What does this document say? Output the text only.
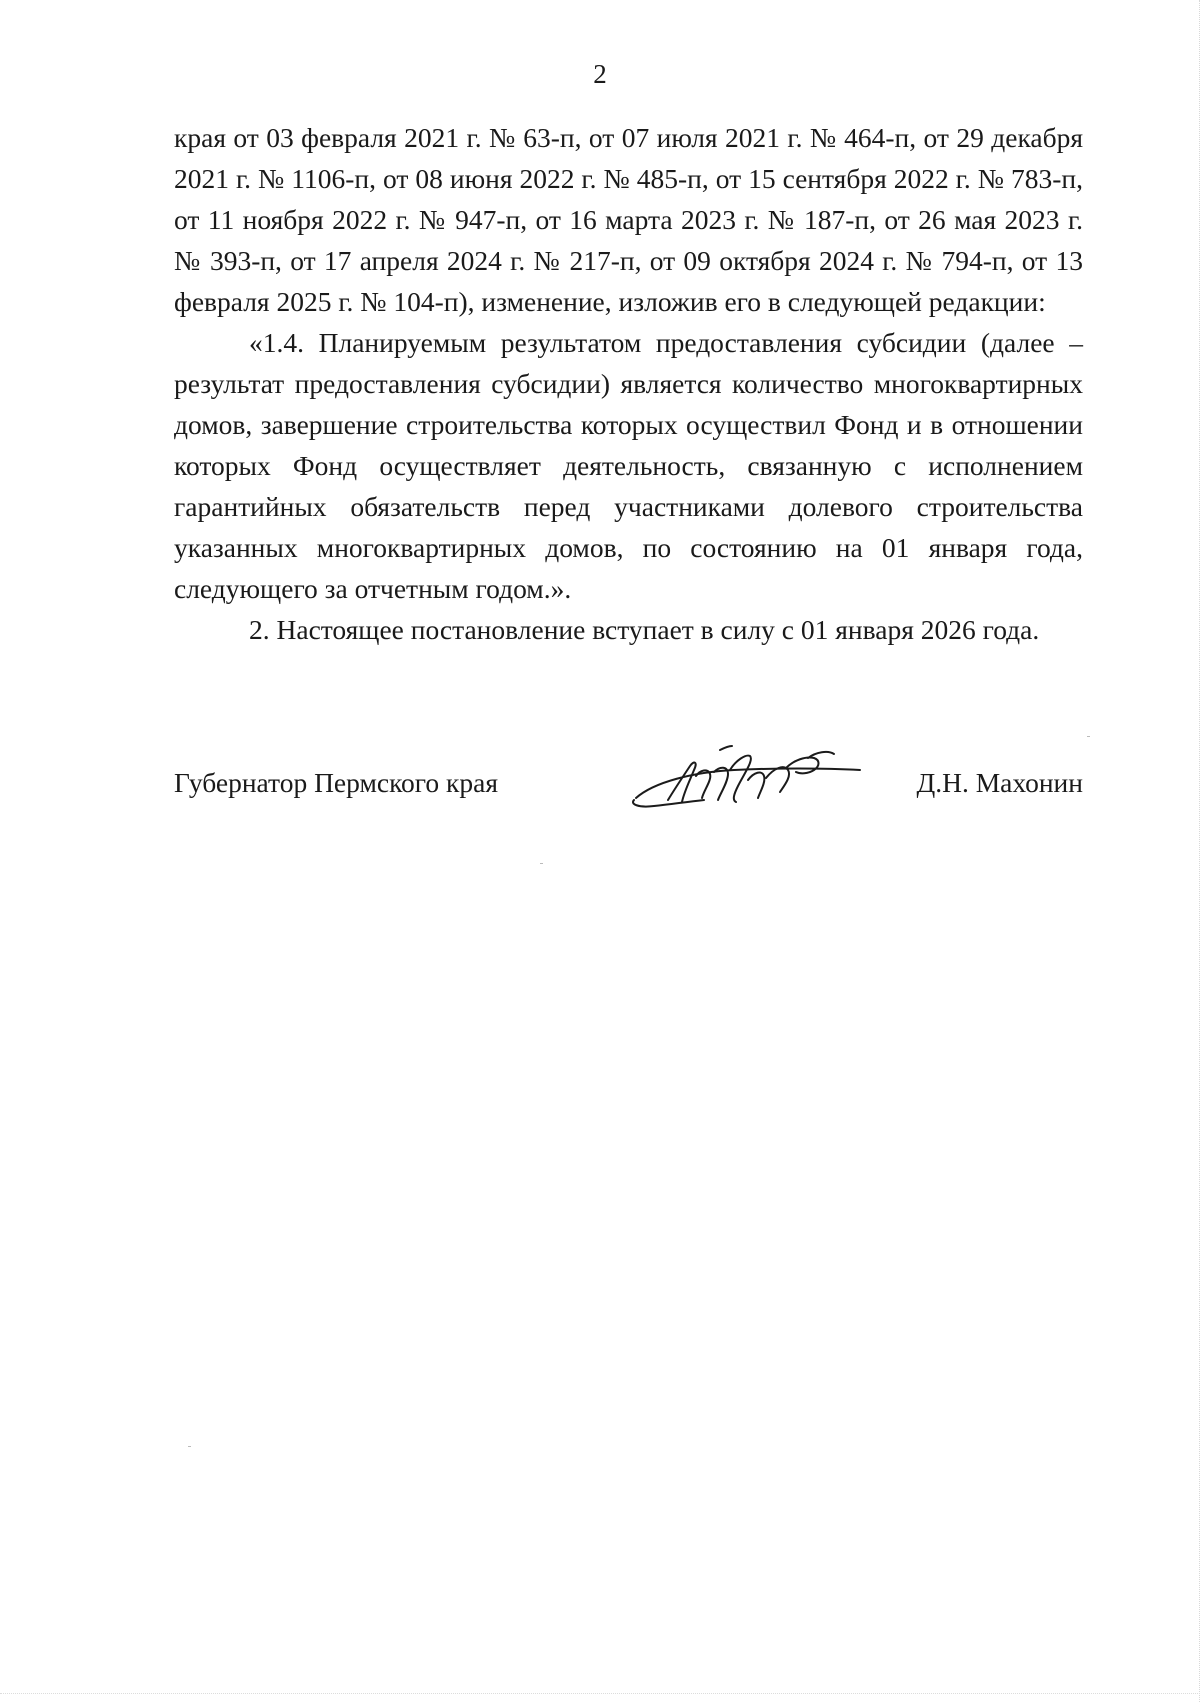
2

края от 03 февраля 2021 г. № 63-п, от 07 июля 2021 г. № 464-п, от 29 декабря 2021 г. № 1106-п, от 08 июня 2022 г. № 485-п, от 15 сентября 2022 г. № 783-п, от 11 ноября 2022 г. № 947-п, от 16 марта 2023 г. № 187-п, от 26 мая 2023 г. № 393-п, от 17 апреля 2024 г. № 217-п, от 09 октября 2024 г. № 794-п, от 13 февраля 2025 г. № 104-п), изменение, изложив его в следующей редакции:

«1.4. Планируемым результатом предоставления субсидии (далее – результат предоставления субсидии) является количество многоквартирных домов, завершение строительства которых осуществил Фонд и в отношении которых Фонд осуществляет деятельность, связанную с исполнением гарантийных обязательств перед участниками долевого строительства указанных многоквартирных домов, по состоянию на 01 января года, следующего за отчетным годом.».

2. Настоящее постановление вступает в силу с 01 января 2026 года.

Губернатор Пермского края	Д.Н. Махонин
